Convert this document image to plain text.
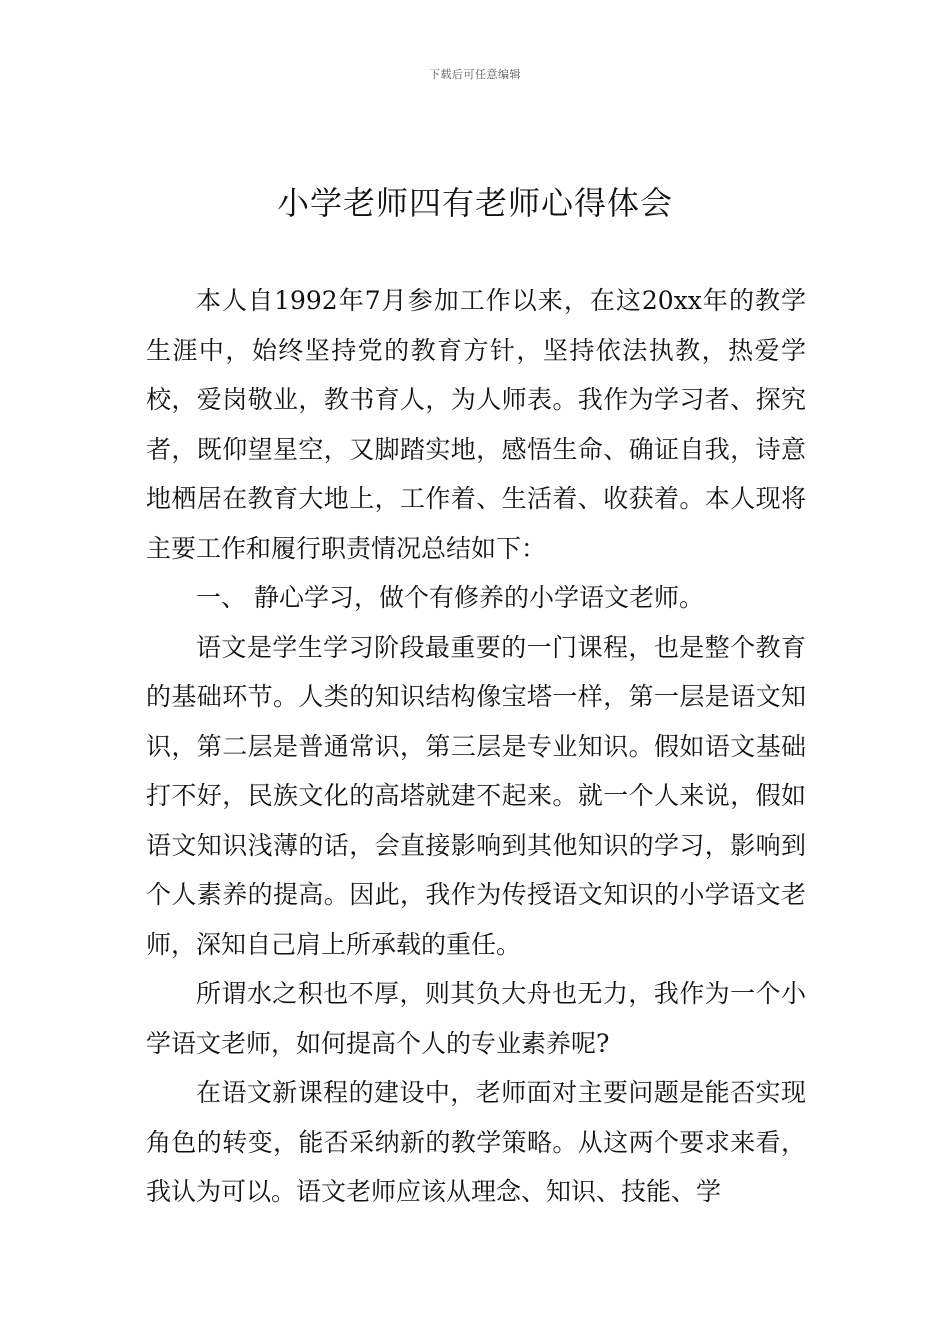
下载后可任意编辑
小学老师四有老师心得体会

本人自1992年7月参加工作以来，在这20xx年的教学生涯中，始终坚持党的教育方针，坚持依法执教，热爱学校，爱岗敬业，教书育人，为人师表。我作为学习者、探究者，既仰望星空，又脚踏实地，感悟生命、确证自我，诗意地栖居在教育大地上，工作着、生活着、收获着。本人现将主要工作和履行职责情况总结如下：

一、 静心学习，做个有修养的小学语文老师。

语文是学生学习阶段最重要的一门课程，也是整个教育的基础环节。人类的知识结构像宝塔一样，第一层是语文知识，第二层是普通常识，第三层是专业知识。假如语文基础打不好，民族文化的高塔就建不起来。就一个人来说，假如语文知识浅薄的话，会直接影响到其他知识的学习，影响到个人素养的提高。因此，我作为传授语文知识的小学语文老师，深知自己肩上所承载的重任。

所谓水之积也不厚，则其负大舟也无力，我作为一个小学语文老师，如何提高个人的专业素养呢?

在语文新课程的建设中，老师面对主要问题是能否实现角色的转变，能否采纳新的教学策略。从这两个要求来看，我认为可以。语文老师应该从理念、知识、技能、学
